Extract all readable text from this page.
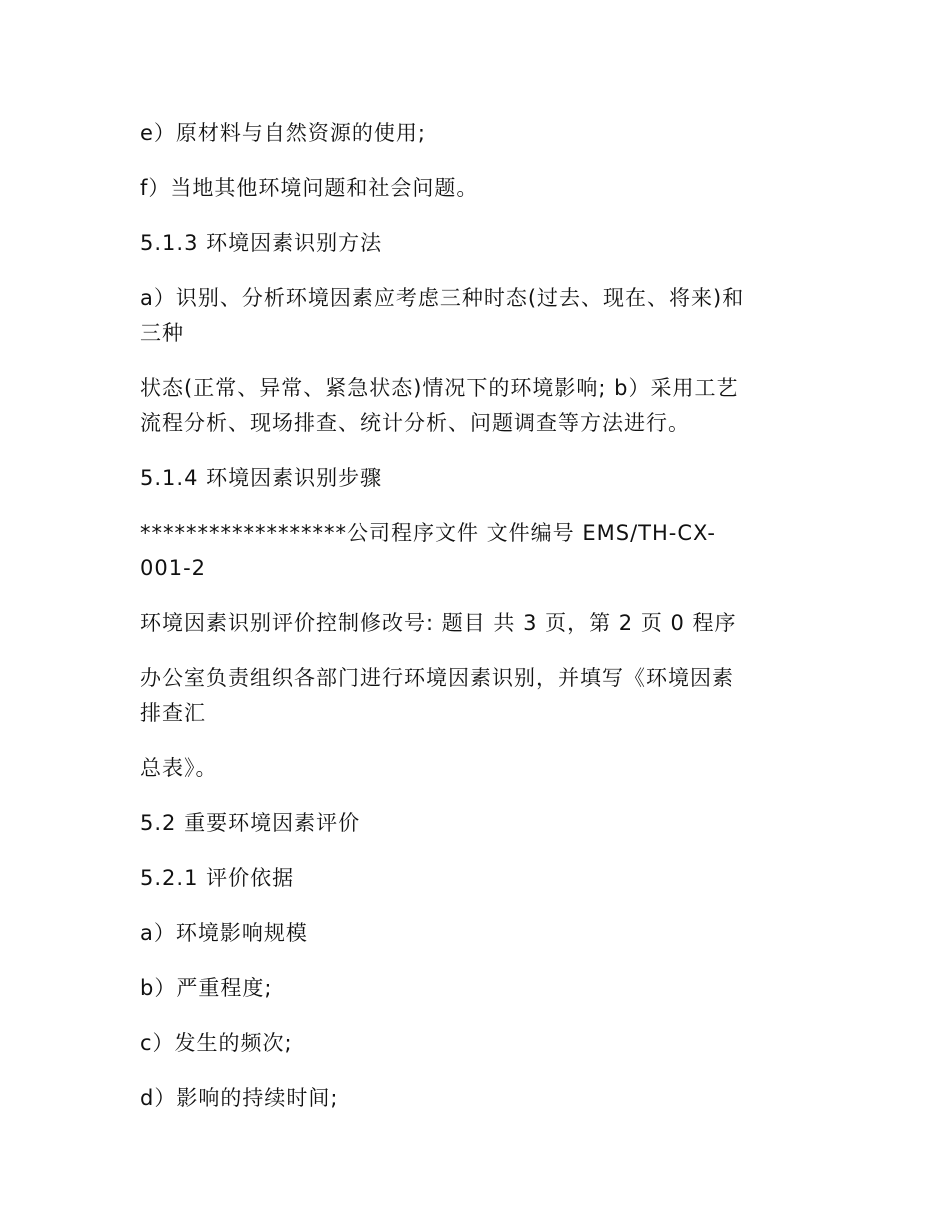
e）原材料与自然资源的使用;

f）当地其他环境问题和社会问题。

5.1.3 环境因素识别方法

a）识别、分析环境因素应考虑三种时态(过去、现在、将来)和

三种

状态(正常、异常、紧急状态)情况下的环境影响; b）采用工艺

流程分析、现场排查、统计分析、问题调查等方法进行。

5.1.4 环境因素识别步骤

******************公司程序文件 文件编号 EMS/TH-CX-

001-2

环境因素识别评价控制修改号: 题目 共 3 页，第 2 页 0 程序

办公室负责组织各部门进行环境因素识别，并填写《环境因素

排查汇

总表》。

5.2 重要环境因素评价

5.2.1 评价依据

a）环境影响规模

b）严重程度;

c）发生的频次;

d）影响的持续时间;
